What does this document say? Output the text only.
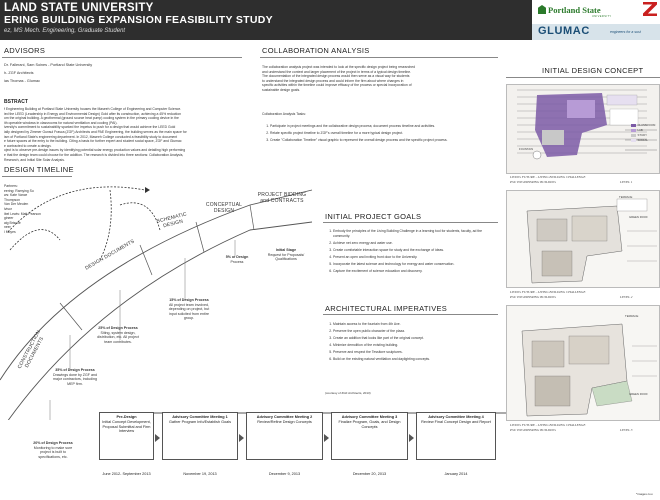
LAND STATE UNIVERSITY
ERING BUILDING EXPANSION FEASIBILITY STUDY
ez, MS Mech. Engineering, Graduate Student
Portland State
UNIVERSITY
GLUMAC	engineers for a sust
ADVISORS
Dr. Fallerani, Sam Soines - Portland State University
h- ZGF Architects
ias Thomas - Glumac
BSTRACT
f Engineering Building at Portland State University houses the Maseeh College of Engineering and Computer Science.
ied the LEED (Leadership in Energy and Environmental Design) Gold after its construction, achieving a 45% reduction
om the original building. A geothermal (ground source heat pump) cooling system in the primary cooling device in the
ith operable windows in classrooms for natural ventilation and cooling (PAI).
iversity's commitment to sustainability sparked the impetus to push for a design that would achieve the LEED Gold
ially designed by Zimmer Gunsul Frasca (ZGF) Architects and PAE Engineering, the building serves as the main space for
ism of Portland State's engineering department. In 2012, Maseeh College conducted a feasibility study to document
e future spaces at the entry to the building. Citing a basis for further expert and student social space, ZGF and Glumac
e contracted to create a design.
oject is to observe pre-design issues by identifying potential solar energy production values and detailing high performing
e that the design team could choose for the addition. The research is divided into three sections: Collaboration Analysis,
Research, and Initial Site Solar Analysis.
DESIGN TIMELINE
Partners:
eering: Ramying Su
ws: Kate Vance
Thompson
Van Der Meulen
lvisor
ibel Lewis: Matt Pearson
gineer
aig Briscoe
neer
l Moyes
DESIGN DOCUMENTS
SCHEMATIC DESIGN
CONCEPTUAL DESIGN
PROJECT BIDDING and CONTRACTS
CONSTRUCTION DOCUMENTS
5% of Design
Process
15% of Design Process
All project team involved, depending on project, but input solicited from entire group.
25% of Design Process
Siting, system design, distribution, etc. All project team contributes.
35% of Design Process
Drawings done by ZGF and major contractors, including MEP firm.
20% of Design Process
Monitoring to make sure project is built to specifications, etc.
Initial Stage
Request for Proposals/ Qualifications
Pre-Design
Initial Concept Development, Proposal Submittal and Firm Interview
Advisory Committee Meeting 1
Gather Program Info/Establish Goals
Advisory Committee Meeting 2
Review/Refine Design Concepts
Advisory Committee Meeting 3
Finalize Program, Goals, and Design Concepts
Advisory Committee Meeting 4
Review Final Concept Design and Report
June 2012- September 2013	November 19, 2013	December 9, 2013	December 20, 2013	January 2014
COLLABORATION ANALYSIS
The collaboration analysis project was intended to look at the specific design project being researched
and understand the context and larger placement of the project in terms of a typical design timeline.
The documentation of the integrated design process would then serve as a visual way for students
to understand the integrated design process and could inform the firm about where changes in
specific activities within the timeline could improve efficacy of the process or special incorporation of
sustainable design goals.
Collaboration Analysis Tasks:
1. Participate in project meetings and the collaborative design process; document process timeline and activities.
2. Relate specific project timeline to ZGF's overall timeline for a more typical design project.
3. Create "Collaboration Timeline" visual graphic to represent the overall design process and the specific project process.
INITIAL PROJECT GOALS
1. Embody the principles of the Living Building Challenge in a learning tool for students, faculty, ad the community.
2. Achieve net zero energy and water use.
3. Create comfortable interaction space for study and the exchange of ideas.
4. Present an open and inviting front door to the University.
5. Incorporate the latest science and technology for energy and water conservation.
6. Capture the excitement of science education and discovery.
ARCHITECTURAL IMPERATIVES
1. Maintain access to the fountain from 4th Ave.
2. Preserve the open public character of the plaza.
3. Create an addition that looks like part of the original concept.
4. Minimize demolition of the existing building.
5. Preserve and respect the Tessitore sculptures.
6. Build on the existing natural ventilation and daylighting concepts.
(courtesy of ZGF Architects, 2013)
INITIAL DESIGN CONCEPT
CLASSROOM
LAB
STUDY
SOCIAL
FOUNTAIN
LIVING FUTURE - LIVING BUILDING CHALLENGE
PSU ENGINEERING BUILDING	LEVEL 1
TERRACE
GREEN ROOF
LIVING FUTURE - LIVING BUILDING CHALLENGE
PSU ENGINEERING BUILDING	LEVEL 2
TERRACE
GREEN ROOF
LIVING FUTURE - LIVING BUILDING CHALLENGE
PSU ENGINEERING BUILDING	LEVEL 3
*images cou
